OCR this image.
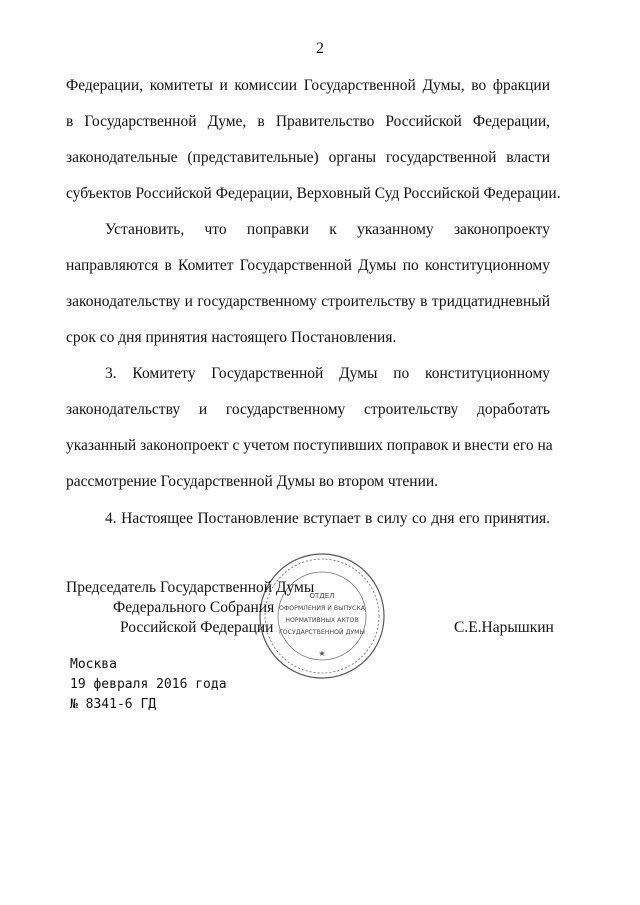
2
Федерации, комитеты и комиссии Государственной Думы, во фракции
в Государственной Думе, в Правительство Российской Федерации,
законодательные (представительные) органы государственной власти
субъектов Российской Федерации, Верховный Суд Российской Федерации.
Установить, что поправки к указанному законопроекту
направляются в Комитет Государственной Думы по конституционному
законодательству и государственному строительству в тридцатидневный
срок со дня принятия настоящего Постановления.
3. Комитету Государственной Думы по конституционному
законодательству и государственному строительству доработать
указанный законопроект с учетом поступивших поправок и внести его на
рассмотрение Государственной Думы во втором чтении.
4. Настоящее Постановление вступает в силу со дня его принятия.
ОТДЕЛ
ОФОРМЛЕНИЯ И ВЫПУСКА
НОРМАТИВНЫХ АКТОВ
ГОСУДАРСТВЕННОЙ ДУМЫ
★
Председатель Государственной Думы
Федерального Собрания
Российской Федерации	С.Е.Нарышкин
Москва
19 февраля 2016 года
№ 8341-6 ГД
